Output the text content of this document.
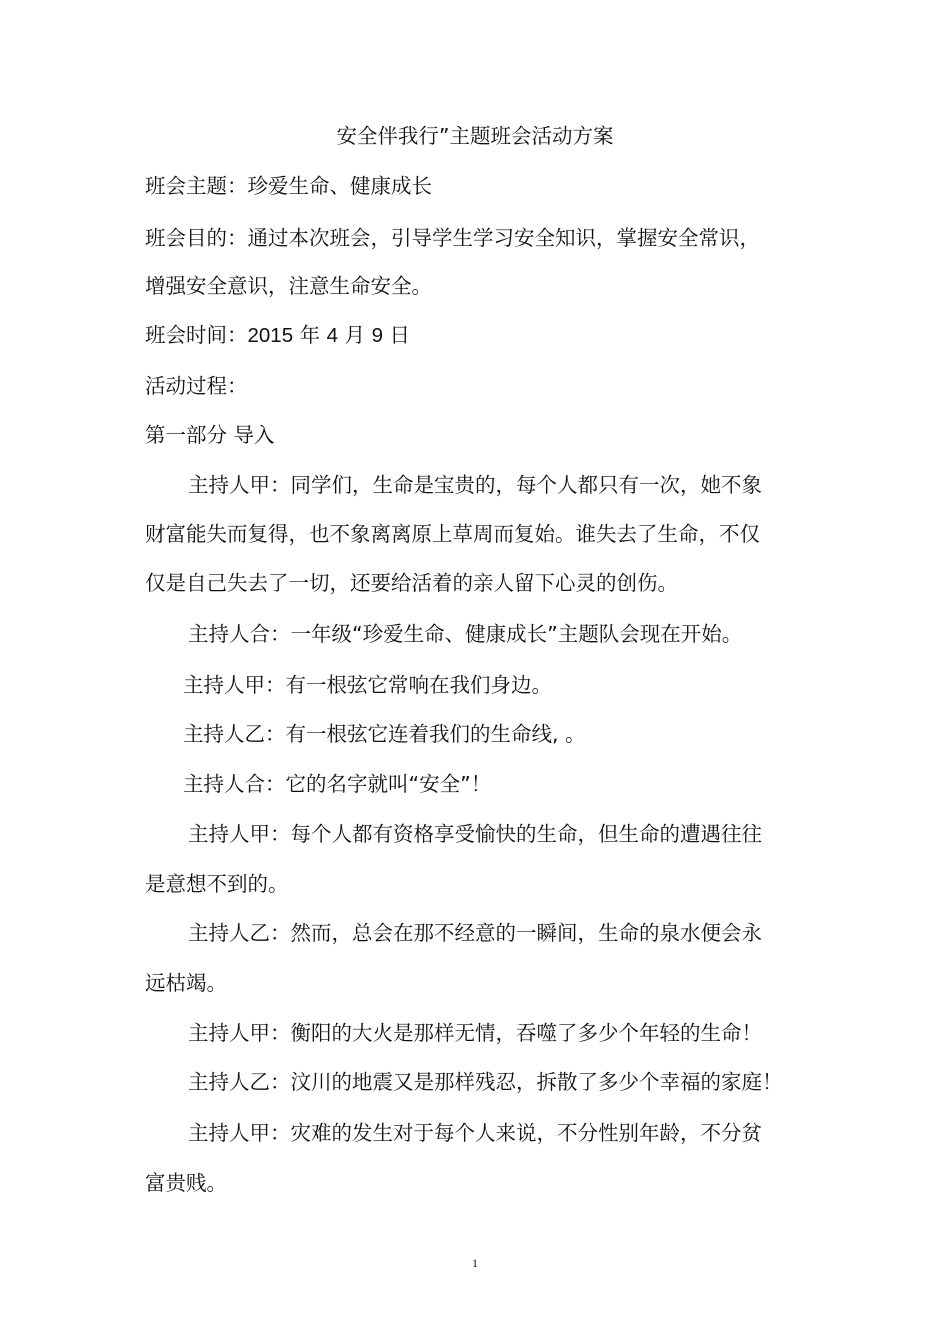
安全伴我行”主题班会活动方案
班会主题：珍爱生命、健康成长
班会目的：通过本次班会，引导学生学习安全知识，掌握安全常识，
增强安全意识，注意生命安全。
班会时间：2015 年 4 月 9 日
活动过程：
第一部分 导入
主持人甲：同学们，生命是宝贵的，每个人都只有一次，她不象
财富能失而复得，也不象离离原上草周而复始。谁失去了生命，不仅
仅是自己失去了一切，还要给活着的亲人留下心灵的创伤。
主持人合：一年级“珍爱生命、健康成长”主题队会现在开始。
主持人甲：有一根弦它常响在我们身边。
主持人乙：有一根弦它连着我们的生命线, 。
主持人合：它的名字就叫“安全”！
主持人甲：每个人都有资格享受愉快的生命，但生命的遭遇往往
是意想不到的。
主持人乙：然而，总会在那不经意的一瞬间，生命的泉水便会永
远枯竭。
主持人甲：衡阳的大火是那样无情，吞噬了多少个年轻的生命！
主持人乙：汶川的地震又是那样残忍，拆散了多少个幸福的家庭！
主持人甲：灾难的发生对于每个人来说，不分性别年龄，不分贫
富贵贱。
1
